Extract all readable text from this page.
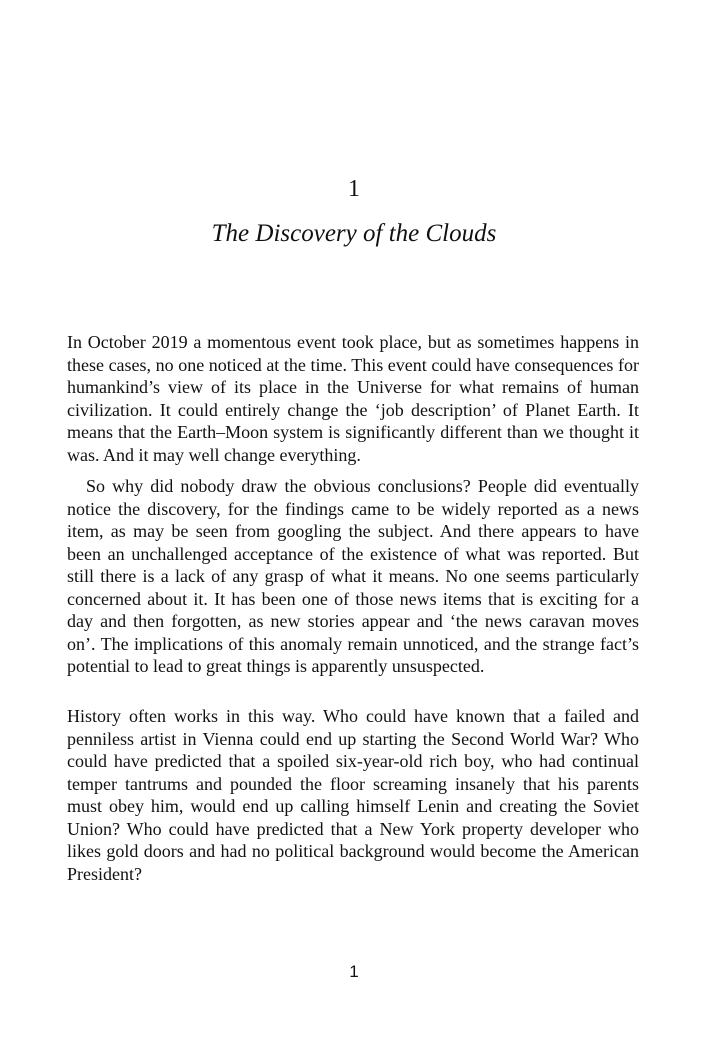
1
The Discovery of the Clouds

In October 2019 a momentous event took place, but as sometimes happens in these cases, no one noticed at the time. This event could have consequences for humankind’s view of its place in the Universe for what remains of human civilization. It could entirely change the ‘job description’ of Planet Earth. It means that the Earth–Moon system is significantly different than we thought it was. And it may well change everything.

So why did nobody draw the obvious conclusions? People did eventually notice the discovery, for the findings came to be widely reported as a news item, as may be seen from googling the subject. And there appears to have been an unchallenged acceptance of the existence of what was reported. But still there is a lack of any grasp of what it means. No one seems particularly concerned about it. It has been one of those news items that is exciting for a day and then forgotten, as new stories appear and ‘the news caravan moves on’. The implications of this anomaly remain unnoticed, and the strange fact’s potential to lead to great things is apparently unsuspected.

History often works in this way. Who could have known that a failed and penniless artist in Vienna could end up starting the Second World War? Who could have predicted that a spoiled six-year-old rich boy, who had continual temper tantrums and pounded the floor screaming insanely that his parents must obey him, would end up calling himself Lenin and creating the Soviet Union? Who could have predicted that a New York property developer who likes gold doors and had no political background would become the American President?

1
